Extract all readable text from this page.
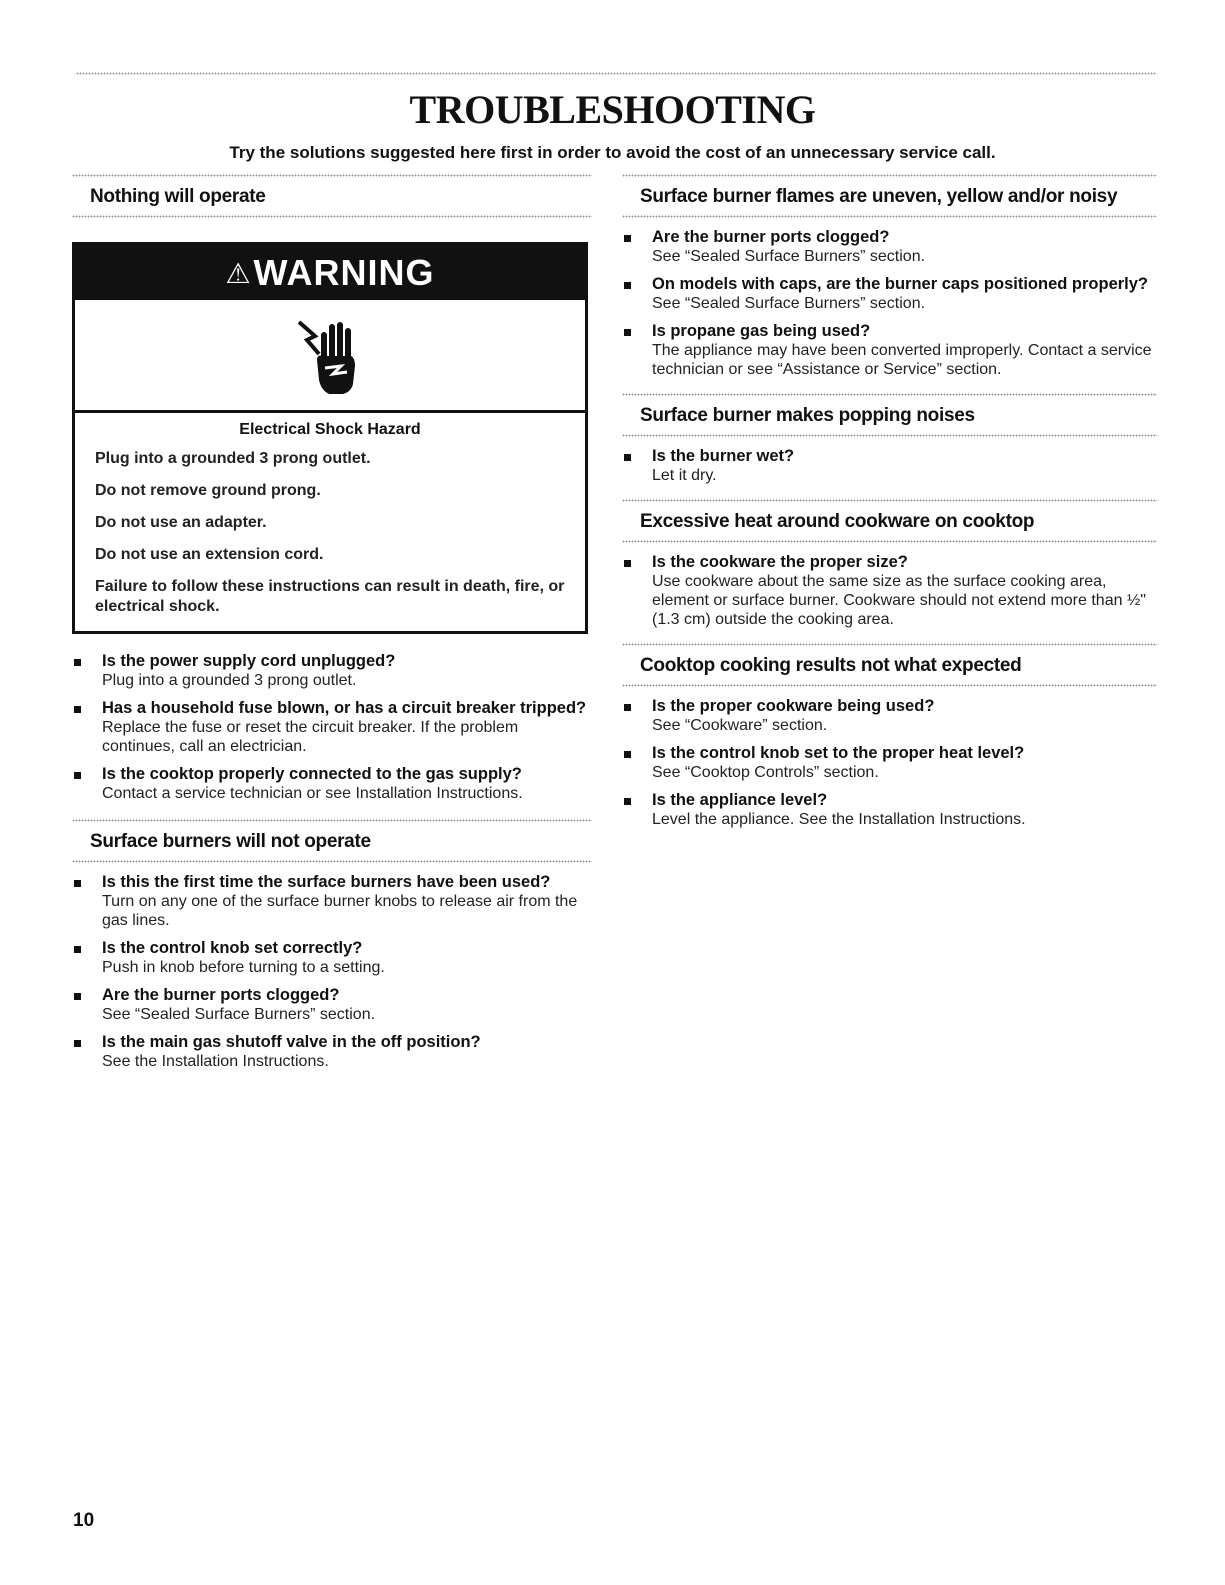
TROUBLESHOOTING

Try the solutions suggested here first in order to avoid the cost of an unnecessary service call.

Nothing will operate
⚠WARNING
Electrical Shock Hazard

Plug into a grounded 3 prong outlet.

Do not remove ground prong.

Do not use an adapter.

Do not use an extension cord.

Failure to follow these instructions can result in death, fire, or electrical shock.

Is the power supply cord unplugged?
Plug into a grounded 3 prong outlet.
Has a household fuse blown, or has a circuit breaker tripped?
Replace the fuse or reset the circuit breaker. If the problem continues, call an electrician.
Is the cooktop properly connected to the gas supply?
Contact a service technician or see Installation Instructions.
Surface burners will not operate
Is this the first time the surface burners have been used?
Turn on any one of the surface burner knobs to release air from the gas lines.
Is the control knob set correctly?
Push in knob before turning to a setting.
Are the burner ports clogged?
See “Sealed Surface Burners” section.
Is the main gas shutoff valve in the off position?
See the Installation Instructions.
Surface burner flames are uneven, yellow and/or noisy
Are the burner ports clogged?
See “Sealed Surface Burners” section.
On models with caps, are the burner caps positioned properly?
See “Sealed Surface Burners” section.
Is propane gas being used?
The appliance may have been converted improperly. Contact a service technician or see “Assistance or Service” section.
Surface burner makes popping noises
Is the burner wet?
Let it dry.
Excessive heat around cookware on cooktop
Is the cookware the proper size?
Use cookware about the same size as the surface cooking area, element or surface burner. Cookware should not extend more than ½" (1.3 cm) outside the cooking area.
Cooktop cooking results not what expected
Is the proper cookware being used?
See “Cookware” section.
Is the control knob set to the proper heat level?
See “Cooktop Controls” section.
Is the appliance level?
Level the appliance. See the Installation Instructions.
10
